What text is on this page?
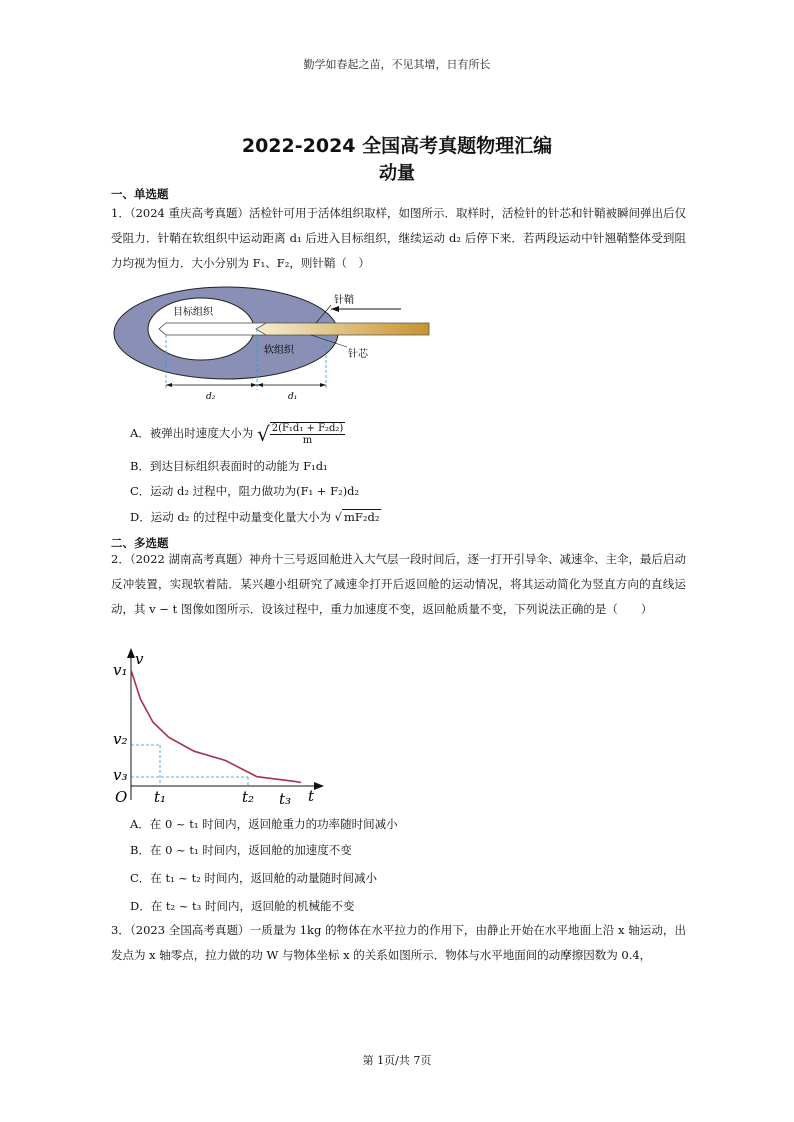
勤学如春起之苗，不见其增，日有所长
2022-2024 全国高考真题物理汇编
动量
一、单选题
1．（2024 重庆高考真题）活检针可用于活体组织取样，如图所示．取样时，活检针的针芯和针鞘被瞬间弹出后仅受阻力．针鞘在软组织中运动距离 d₁ 后进入目标组织，继续运动 d₂ 后停下来．若两段运动中针翘鞘整体受到阻力均视为恒力．大小分别为 F₁、F₂，则针鞘（　）
目标组织
软组织
针鞘
针芯
d₂	d₁
A．被弹出时速度大小为 √ $\frac{\text{2(F₁d₁ + F₂d₂)}}{m}$
B．到达目标组织表面时的动能为 F₁d₁
C．运动 d₂ 过程中，阻力做功为(F₁ + F₂)d₂
D．运动 d₂ 的过程中动量变化量大小为 √ mF₂d₂
二、多选题
2．（2022 湖南高考真题）神舟十三号返回舱进入大气层一段时间后，逐一打开引导伞、减速伞、主伞，最后启动反冲装置，实现软着陆．某兴趣小组研究了减速伞打开后返回舱的运动情况，将其运动简化为竖直方向的直线运动，其 v − t 图像如图所示．设该过程中，重力加速度不变，返回舱质量不变，下列说法正确的是（　　）
v
t
O
v₁
v₂
v₃
t₁	t₂ t₃
A．在 0 ~ t₁ 时间内，返回舱重力的功率随时间减小
B．在 0 ~ t₁ 时间内，返回舱的加速度不变
C．在 t₁ ~ t₂ 时间内，返回舱的动量随时间减小
D．在 t₂ ~ t₃ 时间内，返回舱的机械能不变
3．（2023 全国高考真题）一质量为 1kg 的物体在水平拉力的作用下，由静止开始在水平地面上沿 x 轴运动，出发点为 x 轴零点，拉力做的功 W 与物体坐标 x 的关系如图所示．物体与水平地面间的动摩擦因数为 0.4，
第 1页/共 7页
